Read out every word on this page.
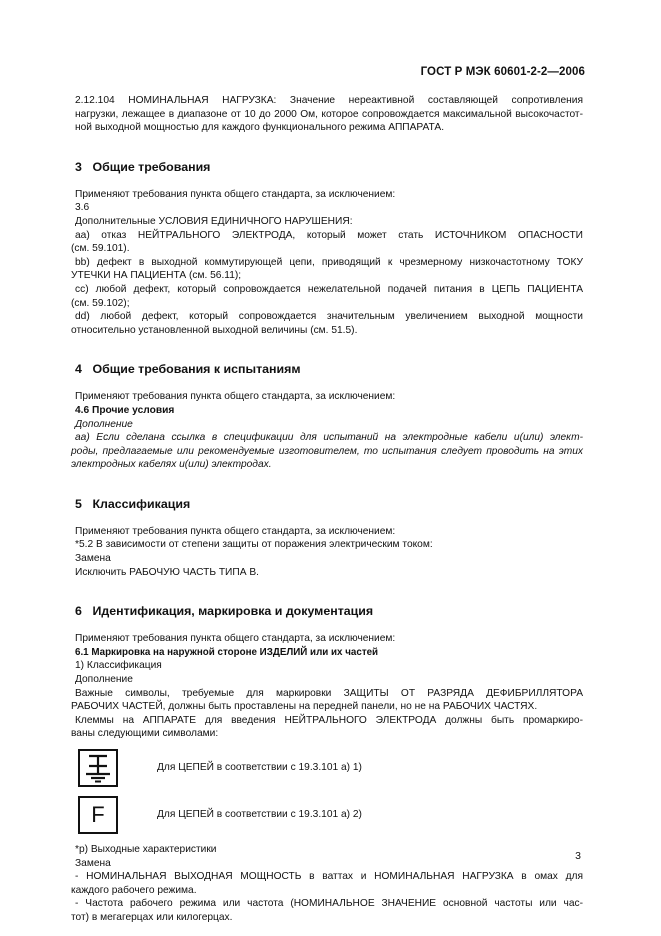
ГОСТ Р МЭК 60601-2-2—2006

2.12.104 НОМИНАЛЬНАЯ НАГРУЗКА: Значение нереактивной составляющей сопротивления

нагрузки, лежащее в диапазоне от 10 до 2000 Ом, которое сопровождается максимальной высокочастот-

ной выходной мощностью для каждого функционального режима АППАРАТА.

3 Общие требования

Применяют требования пункта общего стандарта, за исключением:

3.6

Дополнительные УСЛОВИЯ ЕДИНИЧНОГО НАРУШЕНИЯ:

аа) отказ НЕЙТРАЛЬНОГО ЭЛЕКТРОДА, который может стать ИСТОЧНИКОМ ОПАСНОСТИ

(см. 59.101).

bb) дефект в выходной коммутирующей цепи, приводящий к чрезмерному низкочастотному ТОКУ

УТЕЧКИ НА ПАЦИЕНТА (см. 56.11);

сс) любой дефект, который сопровождается нежелательной подачей питания в ЦЕПЬ ПАЦИЕНТА

(см. 59.102);

dd) любой дефект, который сопровождается значительным увеличением выходной мощности

относительно установленной выходной величины (см. 51.5).

4 Общие требования к испытаниям

Применяют требования пункта общего стандарта, за исключением:

4.6 Прочие условия

Дополнение

аа) Если сделана ссылка в спецификации для испытаний на электродные кабели и(или) элект-

роды, предлагаемые или рекомендуемые изготовителем, то испытания следует проводить на этих

электродных кабелях и(или) электродах.

5 Классификация

Применяют требования пункта общего стандарта, за исключением:

*5.2 В зависимости от степени защиты от поражения электрическим током:

Замена

Исключить РАБОЧУЮ ЧАСТЬ ТИПА В.

6 Идентификация, маркировка и документация

Применяют требования пункта общего стандарта, за исключением:

6.1 Маркировка на наружной стороне ИЗДЕЛИЙ или их частей

1) Классификация

Дополнение

Важные символы, требуемые для маркировки ЗАЩИТЫ ОТ РАЗРЯДА ДЕФИБРИЛЛЯТОРА

РАБОЧИХ ЧАСТЕЙ, должны быть проставлены на передней панели, но не на РАБОЧИХ ЧАСТЯХ.

Клеммы на АППАРАТЕ для введения НЕЙТРАЛЬНОГО ЭЛЕКТРОДА должны быть промаркиро-

ваны следующими символами:

Для ЦЕПЕЙ в соответствии с 19.3.101 а) 1)
F	Для ЦЕПЕЙ в соответствии с 19.3.101 а) 2)

*р) Выходные характеристики

Замена

- НОМИНАЛЬНАЯ ВЫХОДНАЯ МОЩНОСТЬ в ваттах и НОМИНАЛЬНАЯ НАГРУЗКА в омах для

каждого рабочего режима.

- Частота рабочего режима или частота (НОМИНАЛЬНОЕ ЗНАЧЕНИЕ основной частоты или час-

тот) в мегагерцах или килогерцах.

3
